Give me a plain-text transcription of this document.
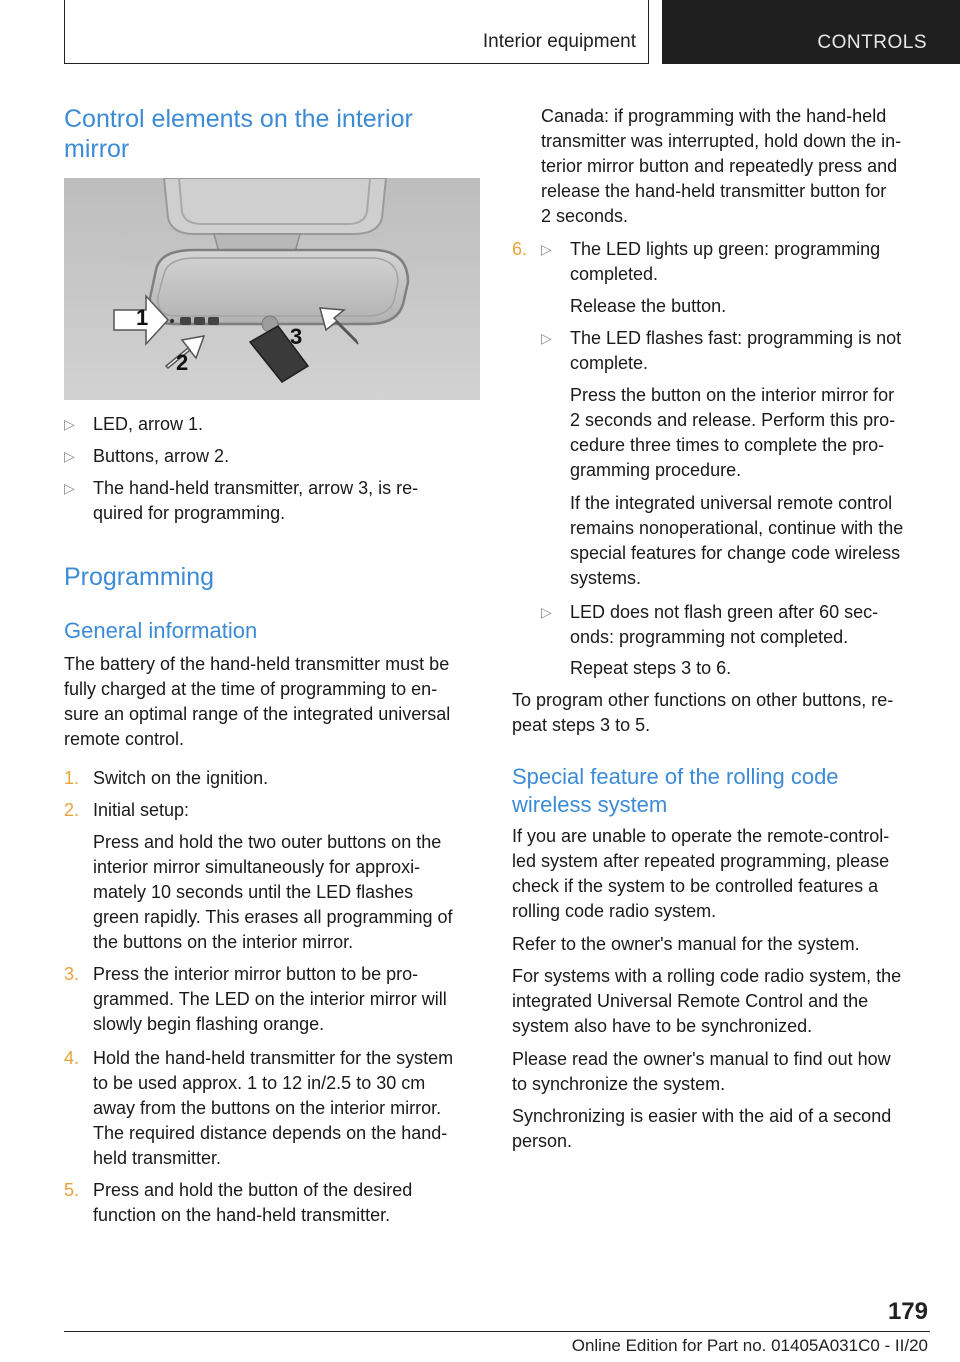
Interior equipment	CONTROLS
Control elements on the interior
mirror
1
2
3
▷ LED, arrow 1.
▷ Buttons, arrow 2.
▷ The hand-held transmitter, arrow 3, is re-
quired for programming.
Programming
General information
The battery of the hand-held transmitter must be
fully charged at the time of programming to en-
sure an optimal range of the integrated universal
remote control.
1. Switch on the ignition.
2. Initial setup:
Press and hold the two outer buttons on the
interior mirror simultaneously for approxi-
mately 10 seconds until the LED flashes
green rapidly. This erases all programming of
the buttons on the interior mirror.
3. Press the interior mirror button to be pro-
grammed. The LED on the interior mirror will
slowly begin flashing orange.
4. Hold the hand-held transmitter for the system
to be used approx. 1 to 12 in/2.5 to 30 cm
away from the buttons on the interior mirror.
The required distance depends on the hand-
held transmitter.
5. Press and hold the button of the desired
function on the hand-held transmitter.
Canada: if programming with the hand-held
transmitter was interrupted, hold down the in-
terior mirror button and repeatedly press and
release the hand-held transmitter button for
2 seconds.
6. ▷ The LED lights up green: programming
completed.
Release the button.
▷ The LED flashes fast: programming is not
complete.
Press the button on the interior mirror for
2 seconds and release. Perform this pro-
cedure three times to complete the pro-
gramming procedure.
If the integrated universal remote control
remains nonoperational, continue with the
special features for change code wireless
systems.
▷ LED does not flash green after 60 sec-
onds: programming not completed.
Repeat steps 3 to 6.
To program other functions on other buttons, re-
peat steps 3 to 5.
Special feature of the rolling code
wireless system
If you are unable to operate the remote-control-
led system after repeated programming, please
check if the system to be controlled features a
rolling code radio system.
Refer to the owner's manual for the system.
For systems with a rolling code radio system, the
integrated Universal Remote Control and the
system also have to be synchronized.
Please read the owner's manual to find out how
to synchronize the system.
Synchronizing is easier with the aid of a second
person.
179
Online Edition for Part no. 01405A031C0 - II/20
